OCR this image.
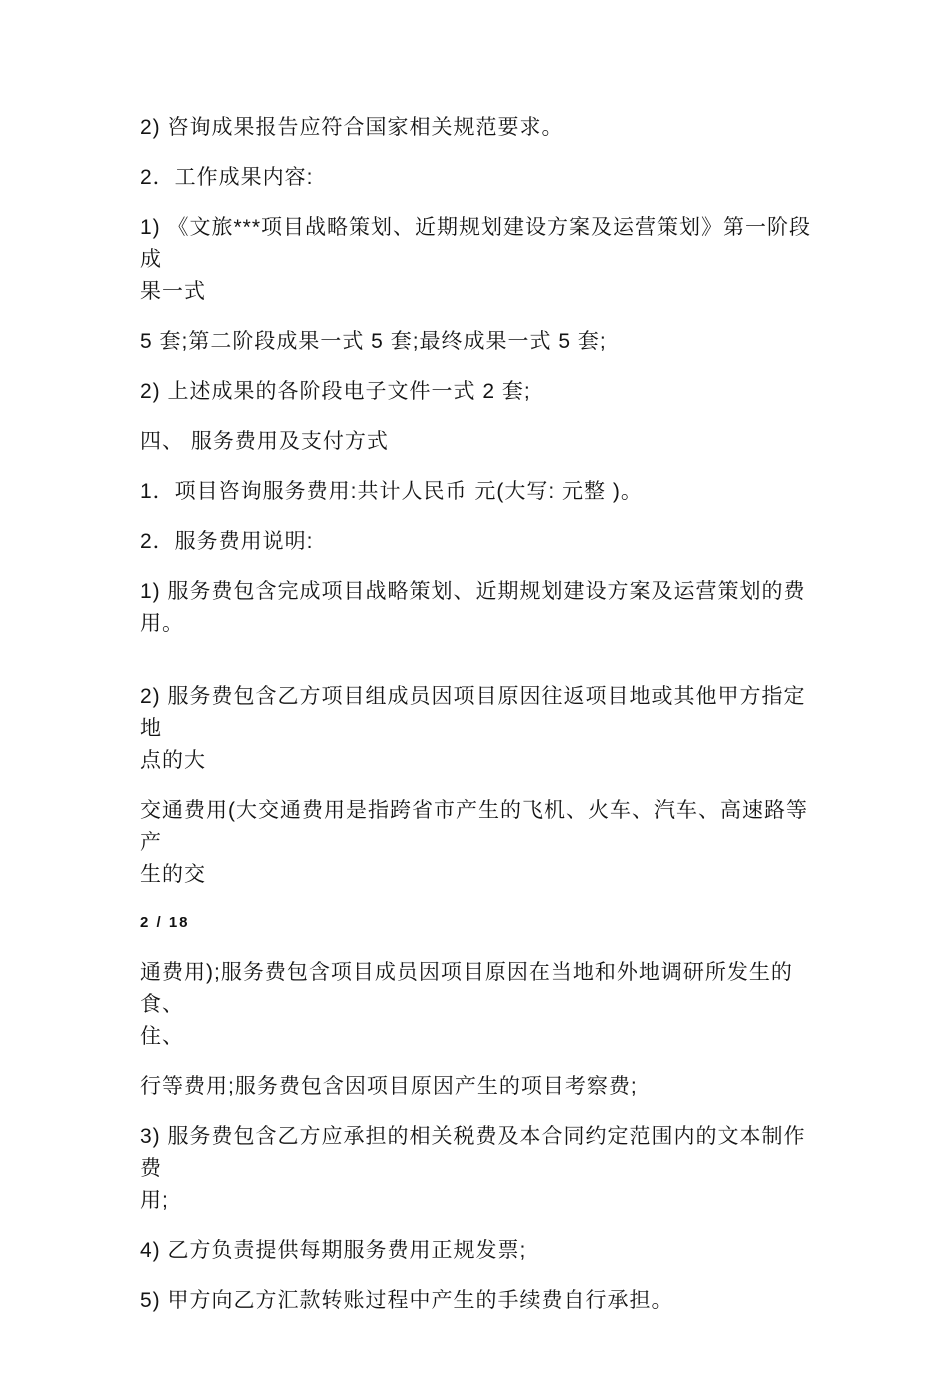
2) 咨询成果报告应符合国家相关规范要求。
2．工作成果内容:
1) 《文旅***项目战略策划、近期规划建设方案及运营策划》第一阶段成
果一式
5 套;第二阶段成果一式 5 套;最终成果一式 5 套;
2) 上述成果的各阶段电子文件一式 2 套;
四、 服务费用及支付方式
1．项目咨询服务费用:共计人民币 元(大写: 元整 )。
2．服务费用说明:
1) 服务费包含完成项目战略策划、近期规划建设方案及运营策划的费用。
2) 服务费包含乙方项目组成员因项目原因往返项目地或其他甲方指定地
点的大
交通费用(大交通费用是指跨省市产生的飞机、火车、汽车、高速路等产
生的交
2 / 18
通费用);服务费包含项目成员因项目原因在当地和外地调研所发生的食、
住、
行等费用;服务费包含因项目原因产生的项目考察费;
3) 服务费包含乙方应承担的相关税费及本合同约定范围内的文本制作费
用;
4) 乙方负责提供每期服务费用正规发票;
5) 甲方向乙方汇款转账过程中产生的手续费自行承担。
